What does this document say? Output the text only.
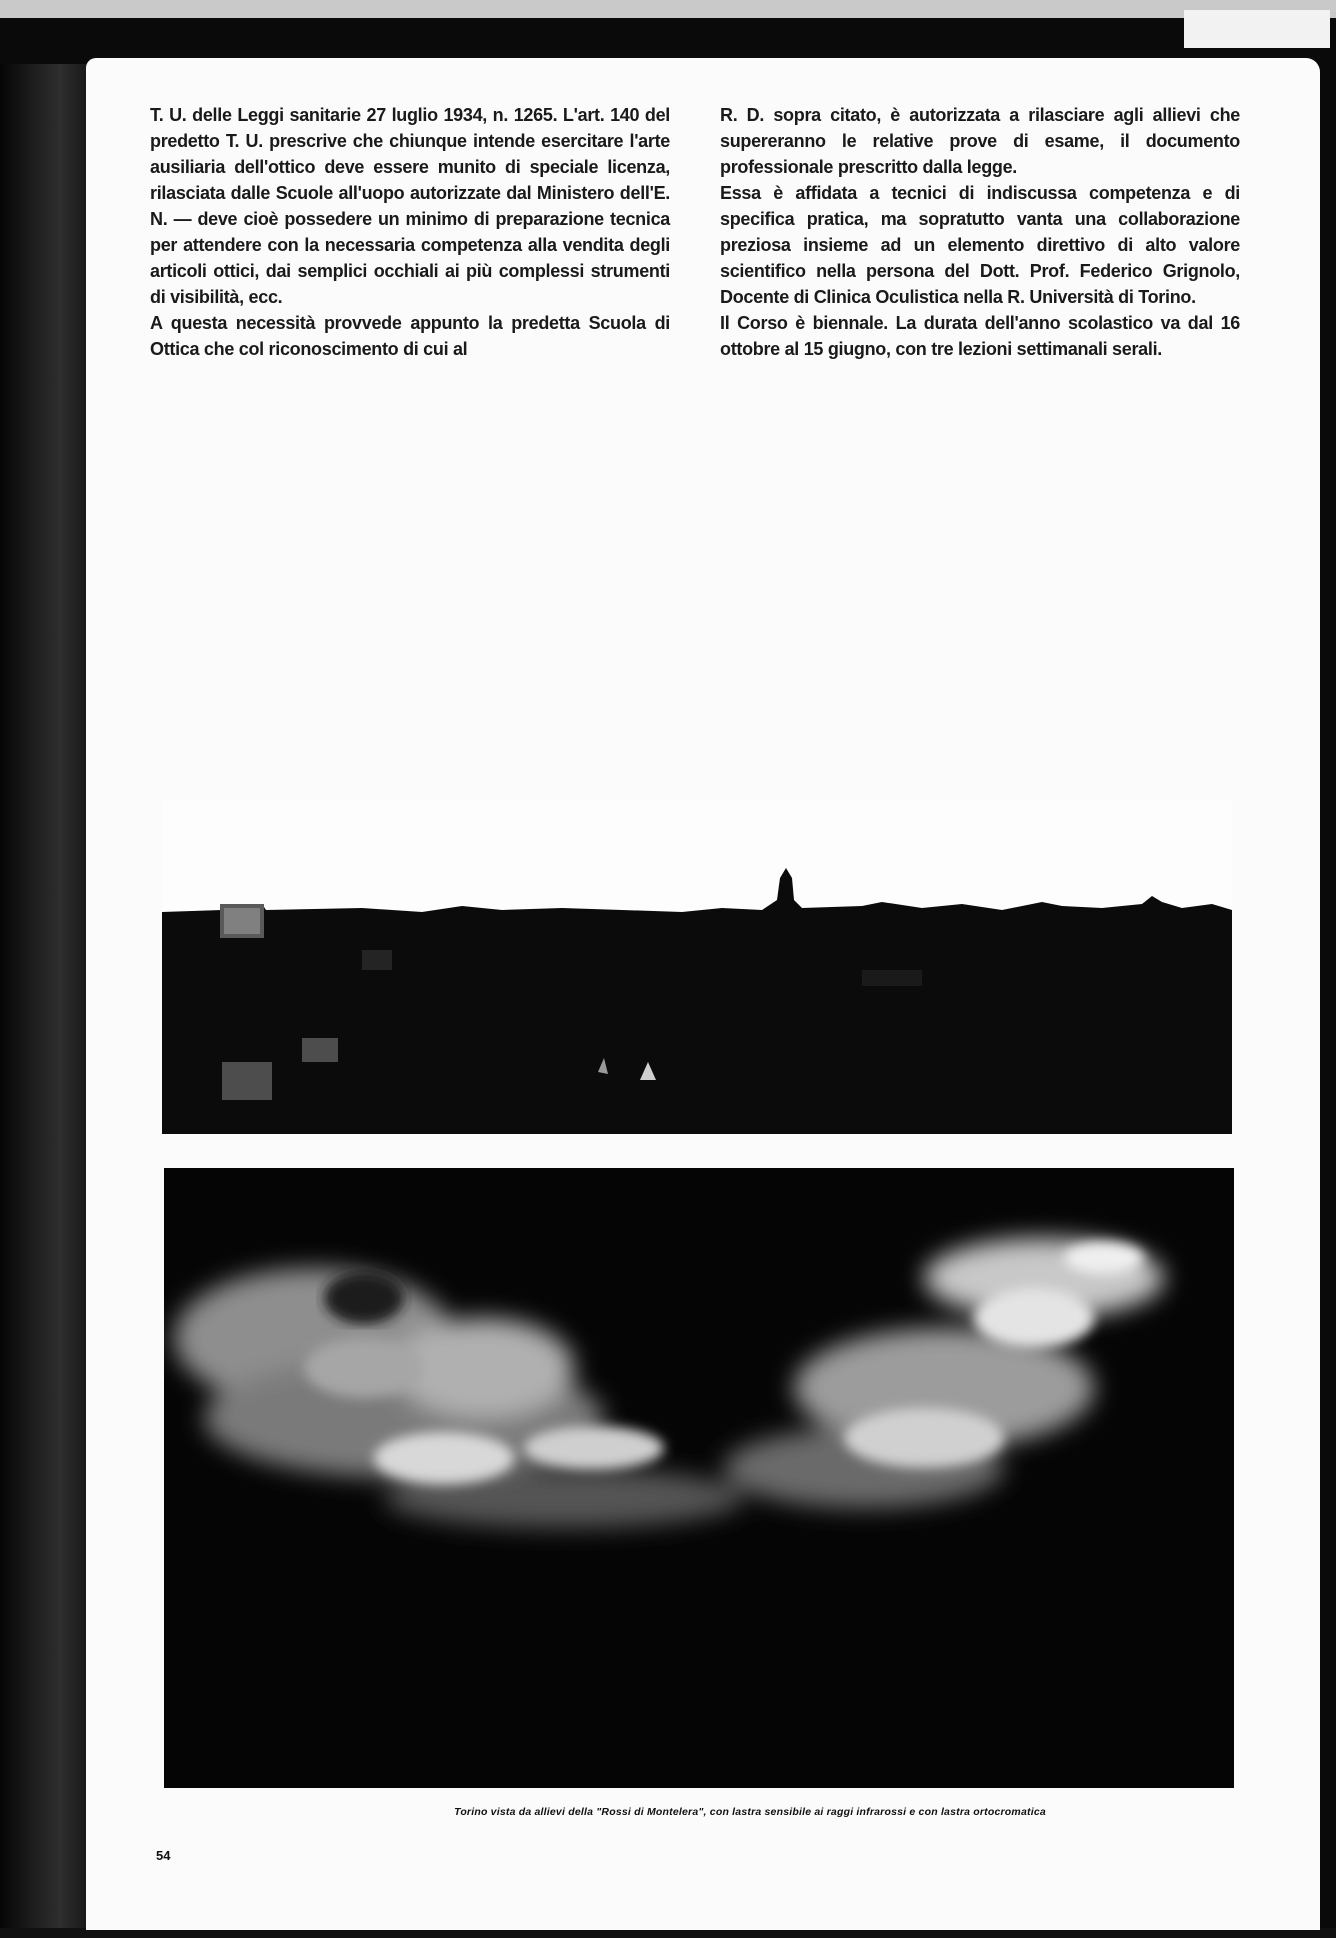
T. U. delle Leggi sanitarie 27 luglio 1934, n. 1265. L'art. 140 del predetto T. U. prescrive che chiunque intende esercitare l'arte ausiliaria dell'ottico deve essere munito di speciale licenza, rilasciata dalle Scuole all'uopo autorizzate dal Ministero dell'E. N. — deve cioè possedere un minimo di preparazione tecnica per attendere con la necessaria competenza alla vendita degli articoli ottici, dai semplici occhiali ai più complessi strumenti di visibilità, ecc.

A questa necessità provvede appunto la predetta Scuola di Ottica che col riconoscimento di cui al

R. D. sopra citato, è autorizzata a rilasciare agli allievi che supereranno le relative prove di esame, il documento professionale prescritto dalla legge.

Essa è affidata a tecnici di indiscussa competenza e di specifica pratica, ma sopratutto vanta una collaborazione preziosa insieme ad un elemento direttivo di alto valore scientifico nella persona del Dott. Prof. Federico Grignolo, Docente di Clinica Oculistica nella R. Università di Torino.

Il Corso è biennale. La durata dell'anno scolastico va dal 16 ottobre al 15 giugno, con tre lezioni settimanali serali.

Torino vista da allievi della "Rossi di Montelera", con lastra sensibile ai raggi infrarossi e con lastra ortocromatica
54
